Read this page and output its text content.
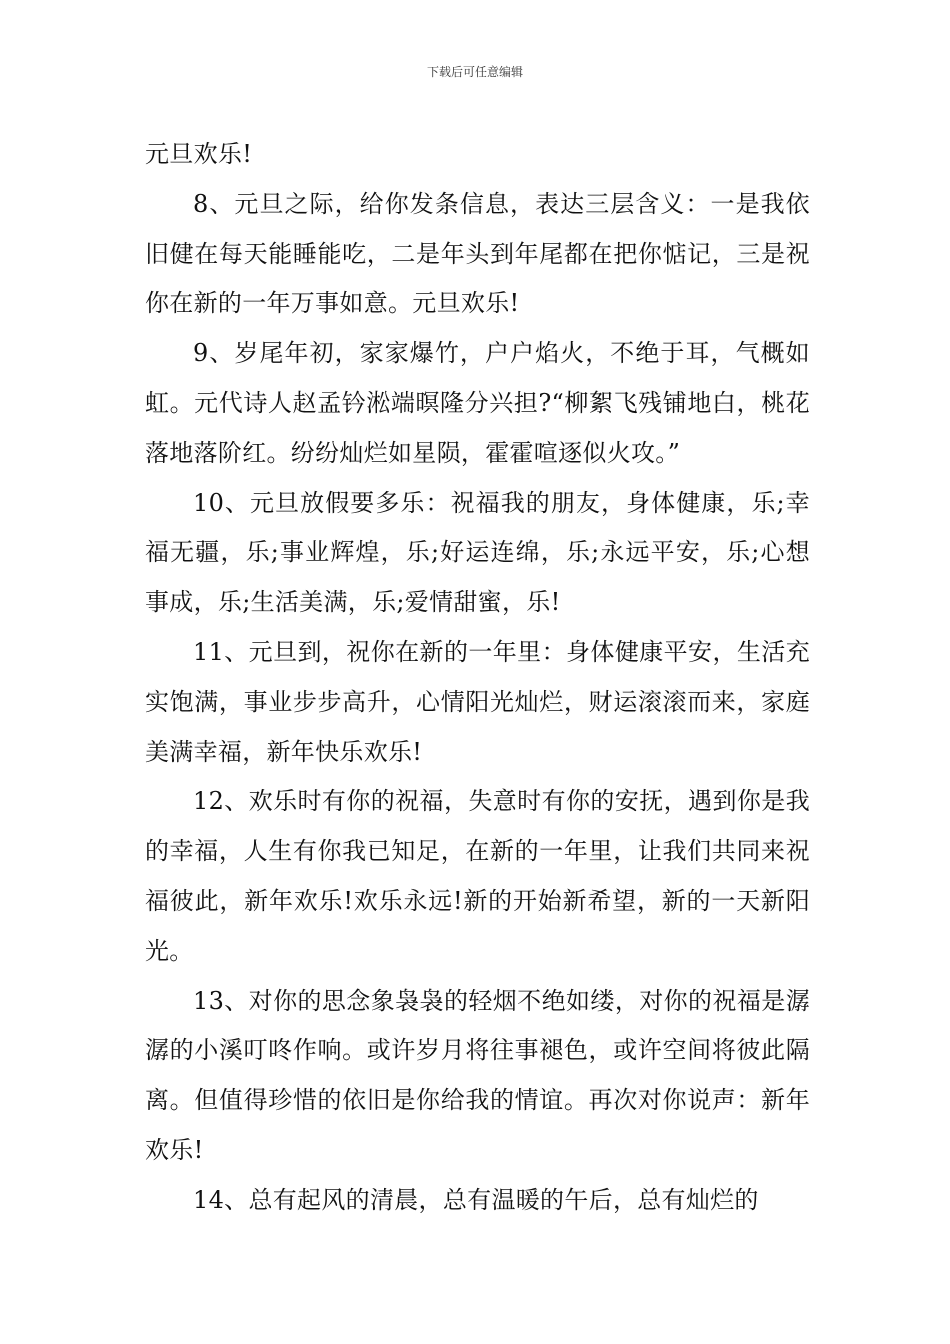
下载后可任意编辑

元旦欢乐!

8、元旦之际，给你发条信息，表达三层含义：一是我依旧健在每天能睡能吃，二是年头到年尾都在把你惦记，三是祝你在新的一年万事如意。元旦欢乐!

9、岁尾年初，家家爆竹，户户焰火，不绝于耳，气概如虹。元代诗人赵孟钤淞端暝隆分兴担?“柳絮飞残铺地白，桃花落地落阶红。纷纷灿烂如星陨，霍霍喧逐似火攻。”

10、元旦放假要多乐：祝福我的朋友，身体健康，乐;幸福无疆，乐;事业辉煌，乐;好运连绵，乐;永远平安，乐;心想事成，乐;生活美满，乐;爱情甜蜜，乐!

11、元旦到，祝你在新的一年里：身体健康平安，生活充实饱满，事业步步高升，心情阳光灿烂，财运滚滚而来，家庭美满幸福，新年快乐欢乐!

12、欢乐时有你的祝福，失意时有你的安抚，遇到你是我的幸福，人生有你我已知足，在新的一年里，让我们共同来祝福彼此，新年欢乐!欢乐永远!新的开始新希望，新的一天新阳光。

13、对你的思念象袅袅的轻烟不绝如缕，对你的祝福是潺潺的小溪叮咚作响。或许岁月将往事褪色，或许空间将彼此隔离。但值得珍惜的依旧是你给我的情谊。再次对你说声：新年欢乐!

14、总有起风的清晨，总有温暖的午后，总有灿烂的
